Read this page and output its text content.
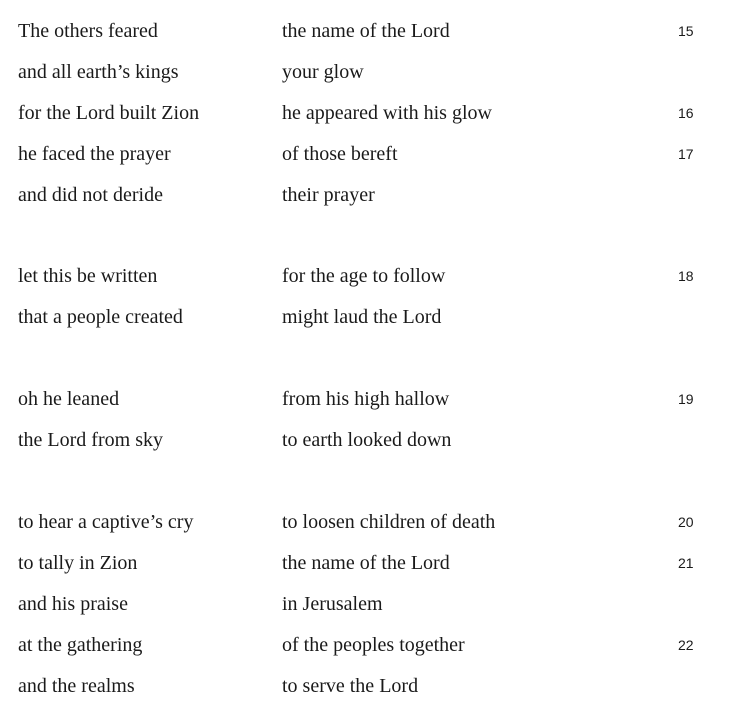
The others feared	the name of the Lord	15
and all earth’s kings	your glow
for the Lord built Zion	he appeared with his glow	16
he faced the prayer	of those bereft	17
and did not deride	their prayer
let this be written	for the age to follow	18
that a people created	might laud the Lord
oh he leaned	from his high hallow	19
the Lord from sky	to earth looked down
to hear a captive’s cry	to loosen children of death	20
to tally in Zion	the name of the Lord	21
and his praise	in Jerusalem
at the gathering	of the peoples together	22
and the realms	to serve the Lord
